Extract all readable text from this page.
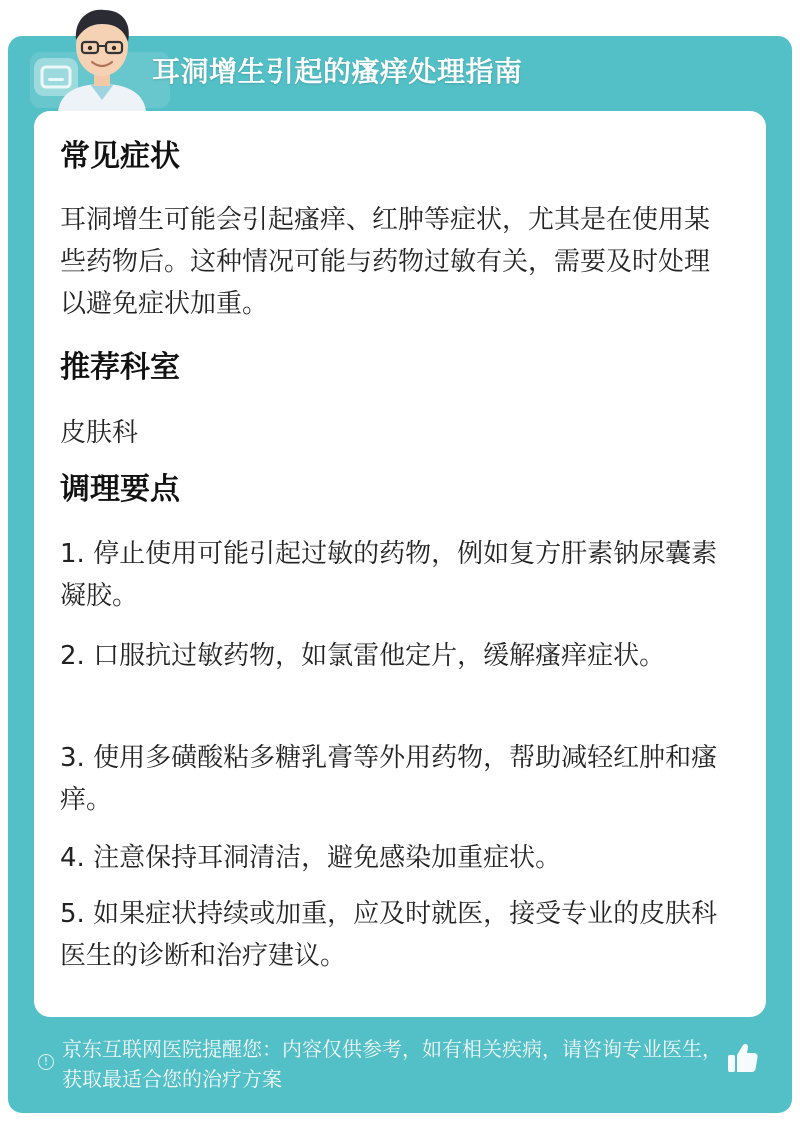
耳洞增生引起的瘙痒处理指南
常见症状

耳洞增生可能会引起瘙痒、红肿等症状，尤其是在使用某些药物后。这种情况可能与药物过敏有关，需要及时处理以避免症状加重。

推荐科室

皮肤科

调理要点

1. 停止使用可能引起过敏的药物，例如复方肝素钠尿囊素凝胶。

2. 口服抗过敏药物，如氯雷他定片，缓解瘙痒症状。

3. 使用多磺酸粘多糖乳膏等外用药物，帮助减轻红肿和瘙痒。

4. 注意保持耳洞清洁，避免感染加重症状。

5. 如果症状持续或加重，应及时就医，接受专业的皮肤科医生的诊断和治疗建议。

!
京东互联网医院提醒您：内容仅供参考，如有相关疾病，请咨询专业医生，获取最适合您的治疗方案
